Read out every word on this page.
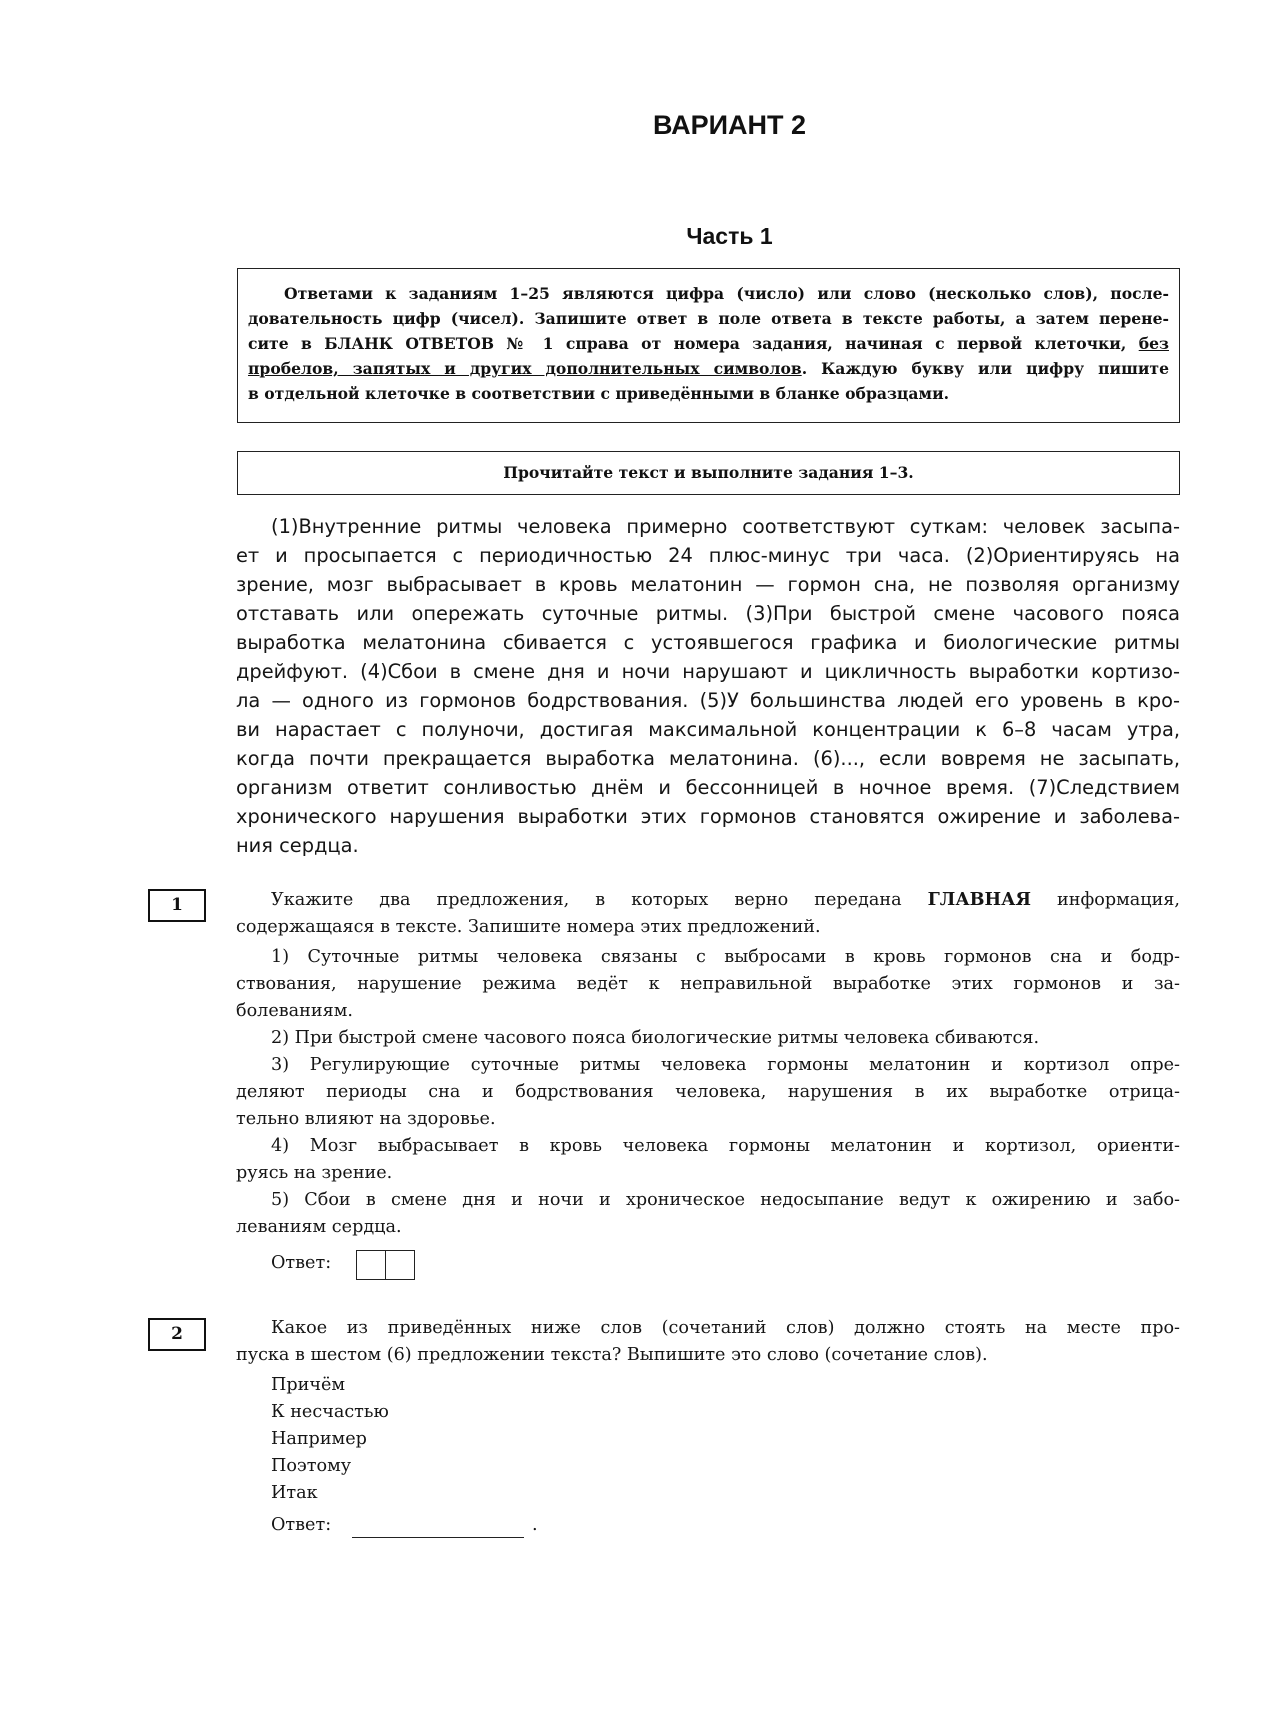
ВАРИАНТ 2
Часть 1
Ответами к заданиям 1–25 являются цифра (число) или слово (несколько слов), после-
довательность цифр (чисел). Запишите ответ в поле ответа в тексте работы, а затем перене-
сите в БЛАНК ОТВЕТОВ № 1 справа от номера задания, начиная с первой клеточки, без
пробелов, запятых и других дополнительных символов. Каждую букву или цифру пишите
в отдельной клеточке в соответствии с приведёнными в бланке образцами.
Прочитайте текст и выполните задания 1–3.
(1)Внутренние ритмы человека примерно соответствуют суткам: человек засыпа-
ет и просыпается с периодичностью 24 плюс-минус три часа. (2)Ориентируясь на
зрение, мозг выбрасывает в кровь мелатонин — гормон сна, не позволяя организму
отставать или опережать суточные ритмы. (3)При быстрой смене часового пояса
выработка мелатонина сбивается с устоявшегося графика и биологические ритмы
дрейфуют. (4)Сбои в смене дня и ночи нарушают и цикличность выработки кортизо-
ла — одного из гормонов бодрствования. (5)У большинства людей его уровень в кро-
ви нарастает с полуночи, достигая максимальной концентрации к 6–8 часам утра,
когда почти прекращается выработка мелатонина. (6)..., если вовремя не засыпать,
организм ответит сонливостью днём и бессонницей в ночное время. (7)Следствием
хронического нарушения выработки этих гормонов становятся ожирение и заболева-
ния сердца.
1	Укажите два предложения, в которых верно передана ГЛАВНАЯ информация,
содержащаяся в тексте. Запишите номера этих предложений.
1) Суточные ритмы человека связаны с выбросами в кровь гормонов сна и бодр-
ствования, нарушение режима ведёт к неправильной выработке этих гормонов и за-
болеваниям.
2) При быстрой смене часового пояса биологические ритмы человека сбиваются.
3) Регулирующие суточные ритмы человека гормоны мелатонин и кортизол опре-
деляют периоды сна и бодрствования человека, нарушения в их выработке отрица-
тельно влияют на здоровье.
4) Мозг выбрасывает в кровь человека гормоны мелатонин и кортизол, ориенти-
руясь на зрение.
5) Сбои в смене дня и ночи и хроническое недосыпание ведут к ожирению и забо-
леваниям сердца.
Ответ:
2	Какое из приведённых ниже слов (сочетаний слов) должно стоять на месте про-
пуска в шестом (6) предложении текста? Выпишите это слово (сочетание слов).
Причём
К несчастью
Например
Поэтому
Итак
Ответ:	.
